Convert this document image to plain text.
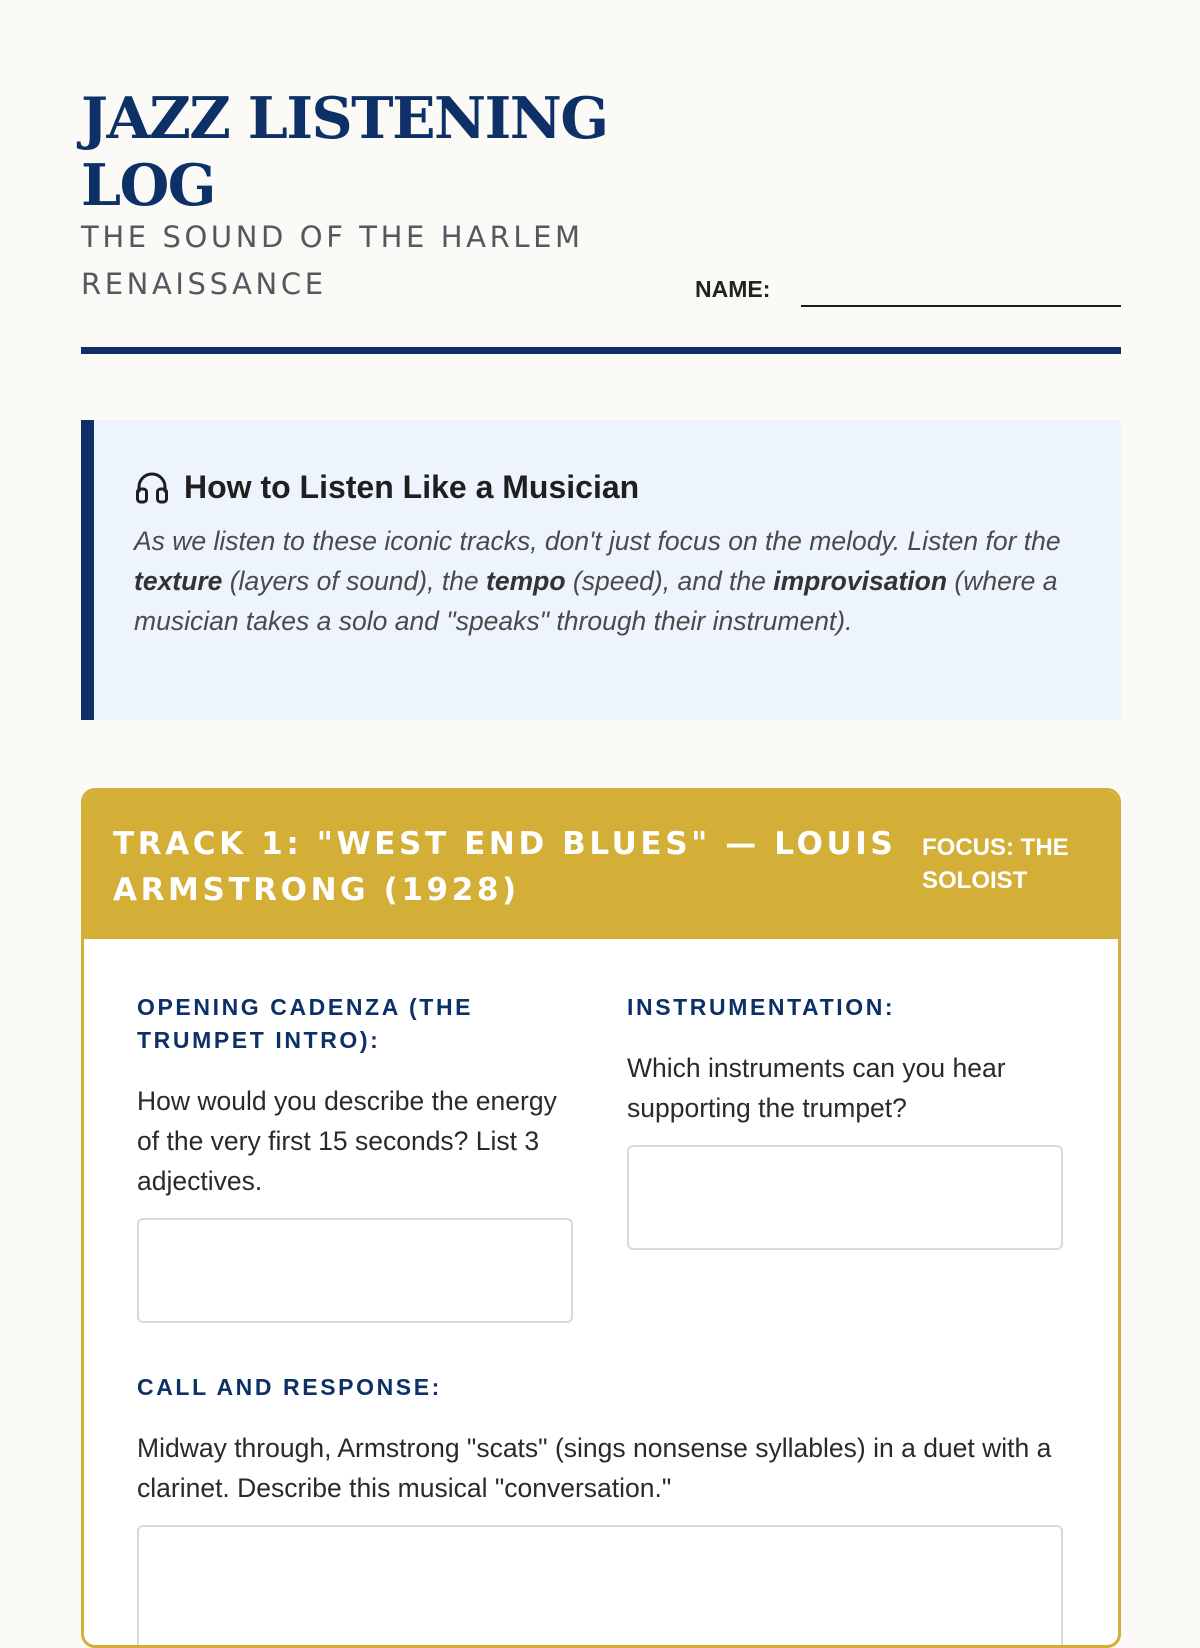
JAZZ LISTENING LOG
THE SOUND OF THE HARLEM RENAISSANCE	NAME:
How to Listen Like a Musician

As we listen to these iconic tracks, don't just focus on the melody. Listen for the texture (layers of sound), the tempo (speed), and the improvisation (where a musician takes a solo and "speaks" through their instrument).

TRACK 1: "WEST END BLUES" — LOUIS ARMSTRONG (1928)
FOCUS: THE SOLOIST
OPENING CADENZA (THE TRUMPET INTRO):

How would you describe the energy of the very first 15 seconds? List 3 adjectives.

INSTRUMENTATION:

Which instruments can you hear supporting the trumpet?

CALL AND RESPONSE:

Midway through, Armstrong "scats" (sings nonsense syllables) in a duet with a clarinet. Describe this musical "conversation."
